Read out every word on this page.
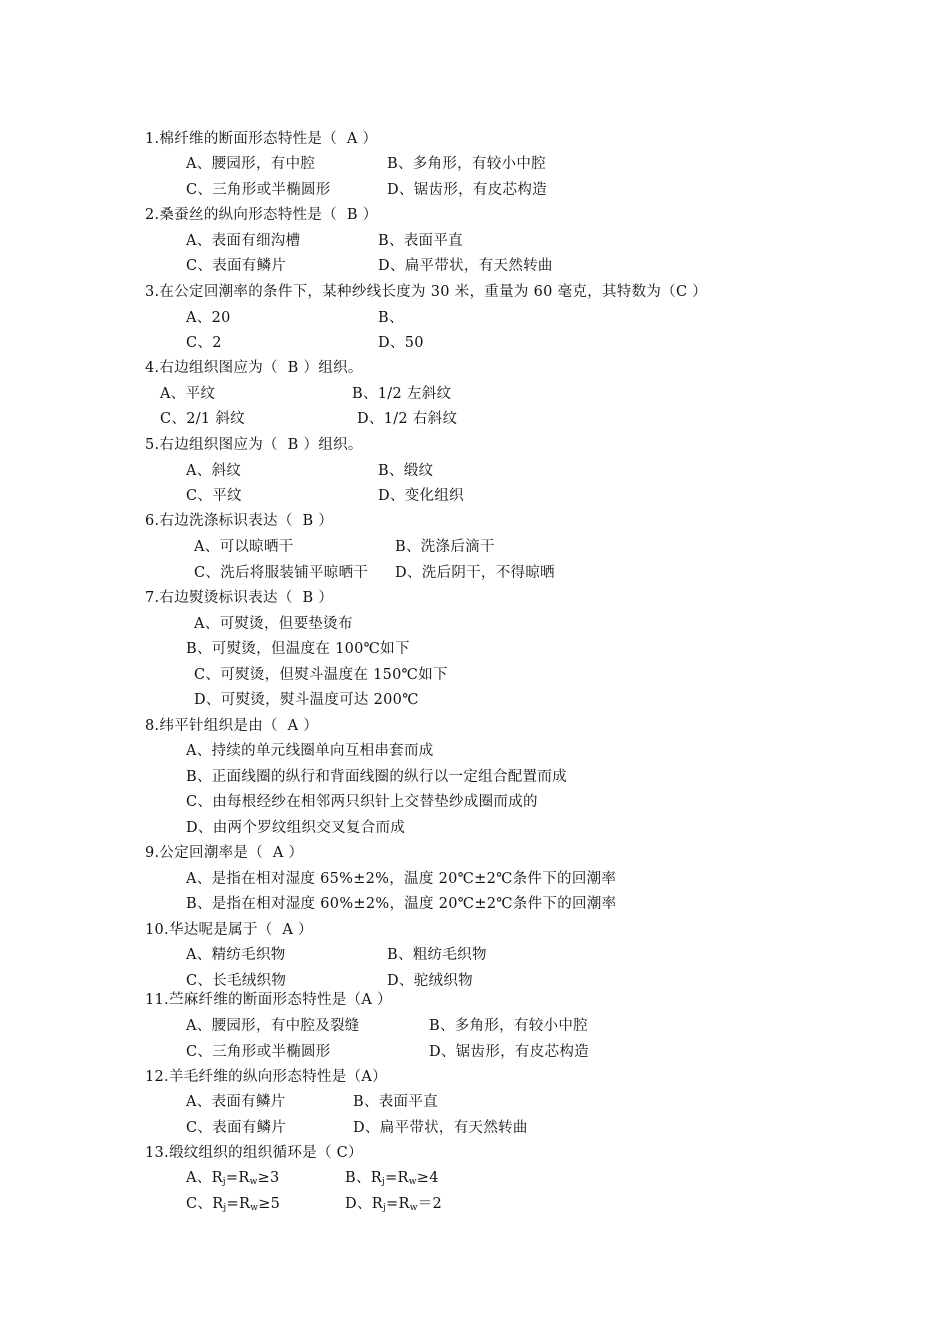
1.棉纤维的断面形态特性是（  A ）
A、腰园形，有中腔	B、多角形，有较小中腔
C、三角形或半椭圆形	D、锯齿形，有皮芯构造
2.桑蚕丝的纵向形态特性是（  B ）
A、表面有细沟槽	B、表面平直
C、表面有鳞片	D、扁平带状，有天然转曲
3.在公定回潮率的条件下，某种纱线长度为 30 米，重量为 60 毫克，其特数为（C ）
A、20	B、
C、2	D、50
4.右边组织图应为（  B ）组织。
A、平纹	B、1/2 左斜纹
C、2/1 斜纹	D、1/2 右斜纹
5.右边组织图应为（  B ）组织。
A、斜纹	B、缎纹
C、平纹	D、变化组织
6.右边洗涤标识表达（  B ）
A、可以晾晒干	B、洗涤后滴干
C、洗后将服装铺平晾晒干 D、洗后阴干，不得晾晒
7.右边熨烫标识表达（  B ）
A、可熨烫，但要垫烫布
B、可熨烫，但温度在 100℃如下
C、可熨烫，但熨斗温度在 150℃如下
D、可熨烫，熨斗温度可达 200℃
8.纬平针组织是由（  A ）
A、持续的单元线圈单向互相串套而成
B、正面线圈的纵行和背面线圈的纵行以一定组合配置而成
C、由每根经纱在相邻两只织针上交替垫纱成圈而成的
D、由两个罗纹组织交叉复合而成
9.公定回潮率是（  A ）
A、是指在相对湿度 65%±2%，温度 20℃±2℃条件下的回潮率
B、是指在相对湿度 60%±2%，温度 20℃±2℃条件下的回潮率
10.华达呢是属于（  A ）
A、精纺毛织物	B、粗纺毛织物
C、长毛绒织物	D、驼绒织物
11.苎麻纤维的断面形态特性是（A ）
A、腰园形，有中腔及裂缝	B、多角形，有较小中腔
C、三角形或半椭圆形	D、锯齿形，有皮芯构造
12.羊毛纤维的纵向形态特性是（A）
A、表面有鳞片	B、表面平直
C、表面有鳞片	D、扁平带状，有天然转曲
13.缎纹组织的组织循环是（ C）
A、$R_j=R_w\ge 3$	B、$R_j=R_w\ge 4$
C、$R_j=R_w\ge 5$	D、$R_j=R_w=2$
